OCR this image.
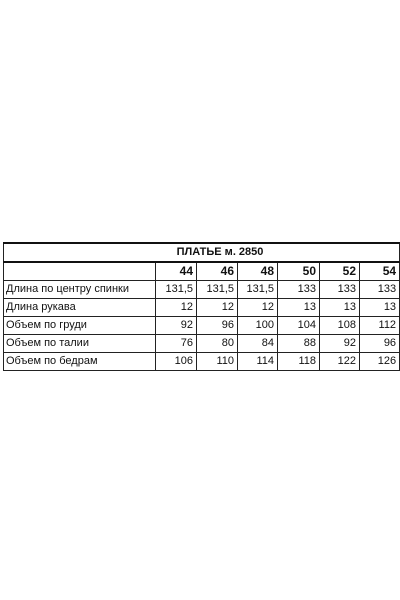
ПЛАТЬЕ м. 2850						
	44	46	48	50	52	54
Длина по центру спинки	131,5	131,5	131,5	133	133	133
Длина рукава	12	12	12	13	13	13
Объем по груди	92	96	100	104	108	112
Объем по талии	76	80	84	88	92	96
Объем по бедрам	106	110	114	118	122	126
